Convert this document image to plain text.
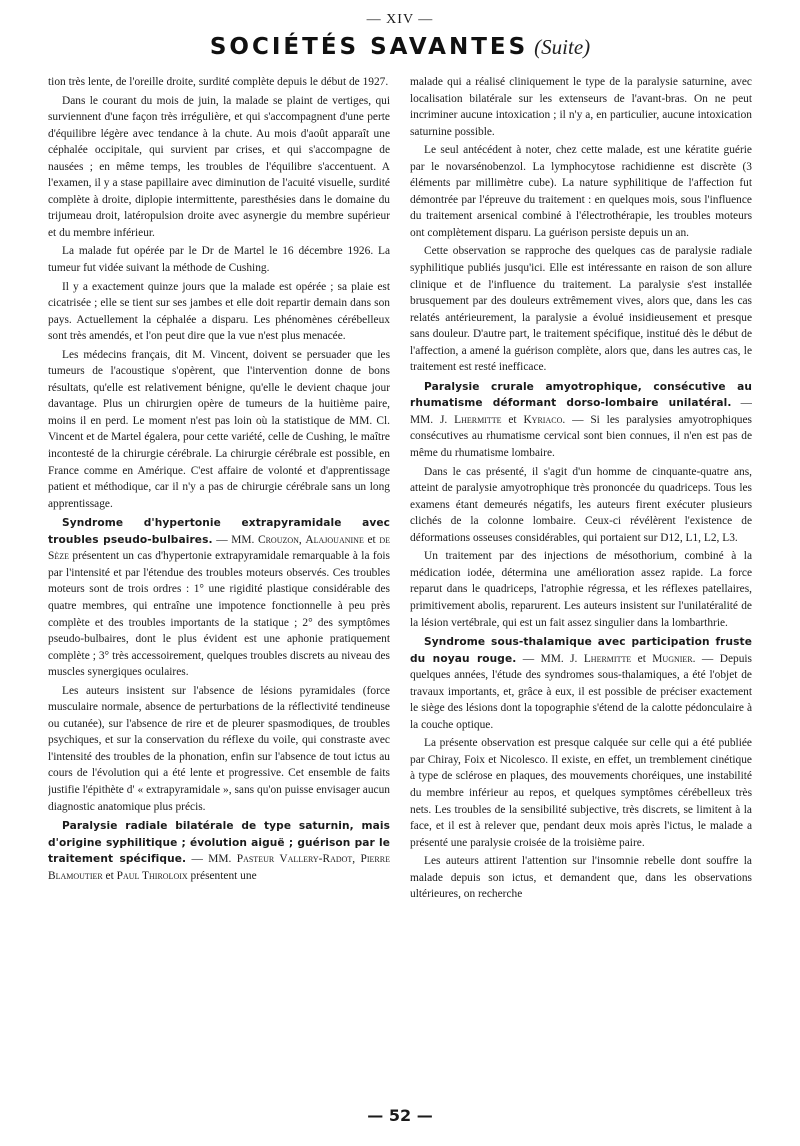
— XIV —
SOCIÉTÉS SAVANTES (Suite)

tion très lente, de l'oreille droite, surdité complète depuis le début de 1927.

Dans le courant du mois de juin, la malade se plaint de vertiges, qui surviennent d'une façon très irrégulière, et qui s'accompagnent d'une perte d'équilibre légère avec tendance à la chute. Au mois d'août apparaît une céphalée occipitale, qui survient par crises, et qui s'accompagne de nausées ; en même temps, les troubles de l'équilibre s'accentuent. A l'examen, il y a stase papillaire avec diminution de l'acuité visuelle, surdité complète à droite, diplopie intermittente, paresthésies dans le domaine du trijumeau droit, latéropulsion droite avec asynergie du membre supérieur et du membre inférieur.

La malade fut opérée par le Dr de Martel le 16 décembre 1926. La tumeur fut vidée suivant la méthode de Cushing.

Il y a exactement quinze jours que la malade est opérée ; sa plaie est cicatrisée ; elle se tient sur ses jambes et elle doit repartir demain dans son pays. Actuellement la céphalée a disparu. Les phénomènes cérébelleux sont très amendés, et l'on peut dire que la vue n'est plus menacée.

Les médecins français, dit M. Vincent, doivent se persuader que les tumeurs de l'acoustique s'opèrent, que l'intervention donne de bons résultats, qu'elle est relativement bénigne, qu'elle le devient chaque jour davantage. Plus un chirurgien opère de tumeurs de la huitième paire, moins il en perd. Le moment n'est pas loin où la statistique de MM. Cl. Vincent et de Martel égalera, pour cette variété, celle de Cushing, le maître incontesté de la chirurgie cérébrale. La chirurgie cérébrale est possible, en France comme en Amérique. C'est affaire de volonté et d'apprentissage patient et méthodique, car il n'y a pas de chirurgie cérébrale sans un long apprentissage.

Syndrome d'hypertonie extrapyramidale avec troubles pseudo-bulbaires. — MM. Crouzon, Alajouanine et de Sèze présentent un cas d'hypertonie extrapyramidale remarquable à la fois par l'intensité et par l'étendue des troubles moteurs observés. Ces troubles moteurs sont de trois ordres : 1° une rigidité plastique considérable des quatre membres, qui entraîne une impotence fonctionnelle à peu près complète et des troubles importants de la statique ; 2° des symptômes pseudo-bulbaires, dont le plus évident est une aphonie pratiquement complète ; 3° très accessoirement, quelques troubles discrets au niveau des muscles synergiques oculaires.

Les auteurs insistent sur l'absence de lésions pyramidales (force musculaire normale, absence de perturbations de la réflectivité tendineuse ou cutanée), sur l'absence de rire et de pleurer spasmodiques, de troubles psychiques, et sur la conservation du réflexe du voile, qui constraste avec l'intensité des troubles de la phonation, enfin sur l'absence de tout ictus au cours de l'évolution qui a été lente et progressive. Cet ensemble de faits justifie l'épithète d' « extrapyramidale », sans qu'on puisse envisager aucun diagnostic anatomique plus précis.

Paralysie radiale bilatérale de type saturnin, mais d'origine syphilitique ; évolution aiguë ; guérison par le traitement spécifique. — MM. Pasteur Vallery-Radot, Pierre Blamoutier et Paul Thiroloix présentent une

malade qui a réalisé cliniquement le type de la paralysie saturnine, avec localisation bilatérale sur les extenseurs de l'avant-bras. On ne peut incriminer aucune intoxication ; il n'y a, en particulier, aucune intoxication saturnine possible.

Le seul antécédent à noter, chez cette malade, est une kératite guérie par le novarsénobenzol. La lymphocytose rachidienne est discrète (3 éléments par millimètre cube). La nature syphilitique de l'affection fut démontrée par l'épreuve du traitement : en quelques mois, sous l'influence du traitement arsenical combiné à l'électrothérapie, les troubles moteurs ont complètement disparu. La guérison persiste depuis un an.

Cette observation se rapproche des quelques cas de paralysie radiale syphilitique publiés jusqu'ici. Elle est intéressante en raison de son allure clinique et de l'influence du traitement. La paralysie s'est installée brusquement par des douleurs extrêmement vives, alors que, dans les cas relatés antérieurement, la paralysie a évolué insidieusement et presque sans douleur. D'autre part, le traitement spécifique, institué dès le début de l'affection, a amené la guérison complète, alors que, dans les autres cas, le traitement est resté inefficace.

Paralysie crurale amyotrophique, consécutive au rhumatisme déformant dorso-lombaire unilatéral. — MM. J. Lhermitte et Kyriaco. — Si les paralysies amyotrophiques consécutives au rhumatisme cervical sont bien connues, il n'en est pas de même du rhumatisme lombaire.

Dans le cas présenté, il s'agit d'un homme de cinquante-quatre ans, atteint de paralysie amyotrophique très prononcée du quadriceps. Tous les examens étant demeurés négatifs, les auteurs firent exécuter plusieurs clichés de la colonne lombaire. Ceux-ci révélèrent l'existence de déformations osseuses considérables, qui portaient sur D12, L1, L2, L3.

Un traitement par des injections de mésothorium, combiné à la médication iodée, détermina une amélioration assez rapide. La force reparut dans le quadriceps, l'atrophie régressa, et les réflexes patellaires, primitivement abolis, reparurent. Les auteurs insistent sur l'unilatéralité de la lésion vertébrale, qui est un fait assez singulier dans la lombarthrie.

Syndrome sous-thalamique avec participation fruste du noyau rouge. — MM. J. Lhermitte et Mugnier. — Depuis quelques années, l'étude des syndromes sous-thalamiques, a été l'objet de travaux importants, et, grâce à eux, il est possible de préciser exactement le siège des lésions dont la topographie s'étend de la calotte pédonculaire à la couche optique.

La présente observation est presque calquée sur celle qui a été publiée par Chiray, Foix et Nicolesco. Il existe, en effet, un tremblement cinétique à type de sclérose en plaques, des mouvements choréiques, une instabilité du membre inférieur au repos, et quelques symptômes cérébelleux très nets. Les troubles de la sensibilité subjective, très discrets, se limitent à la face, et il est à relever que, pendant deux mois après l'ictus, le malade a présenté une paralysie croisée de la troisième paire.

Les auteurs attirent l'attention sur l'insomnie rebelle dont souffre la malade depuis son ictus, et demandent que, dans les observations ultérieures, on recherche

— 52 —
